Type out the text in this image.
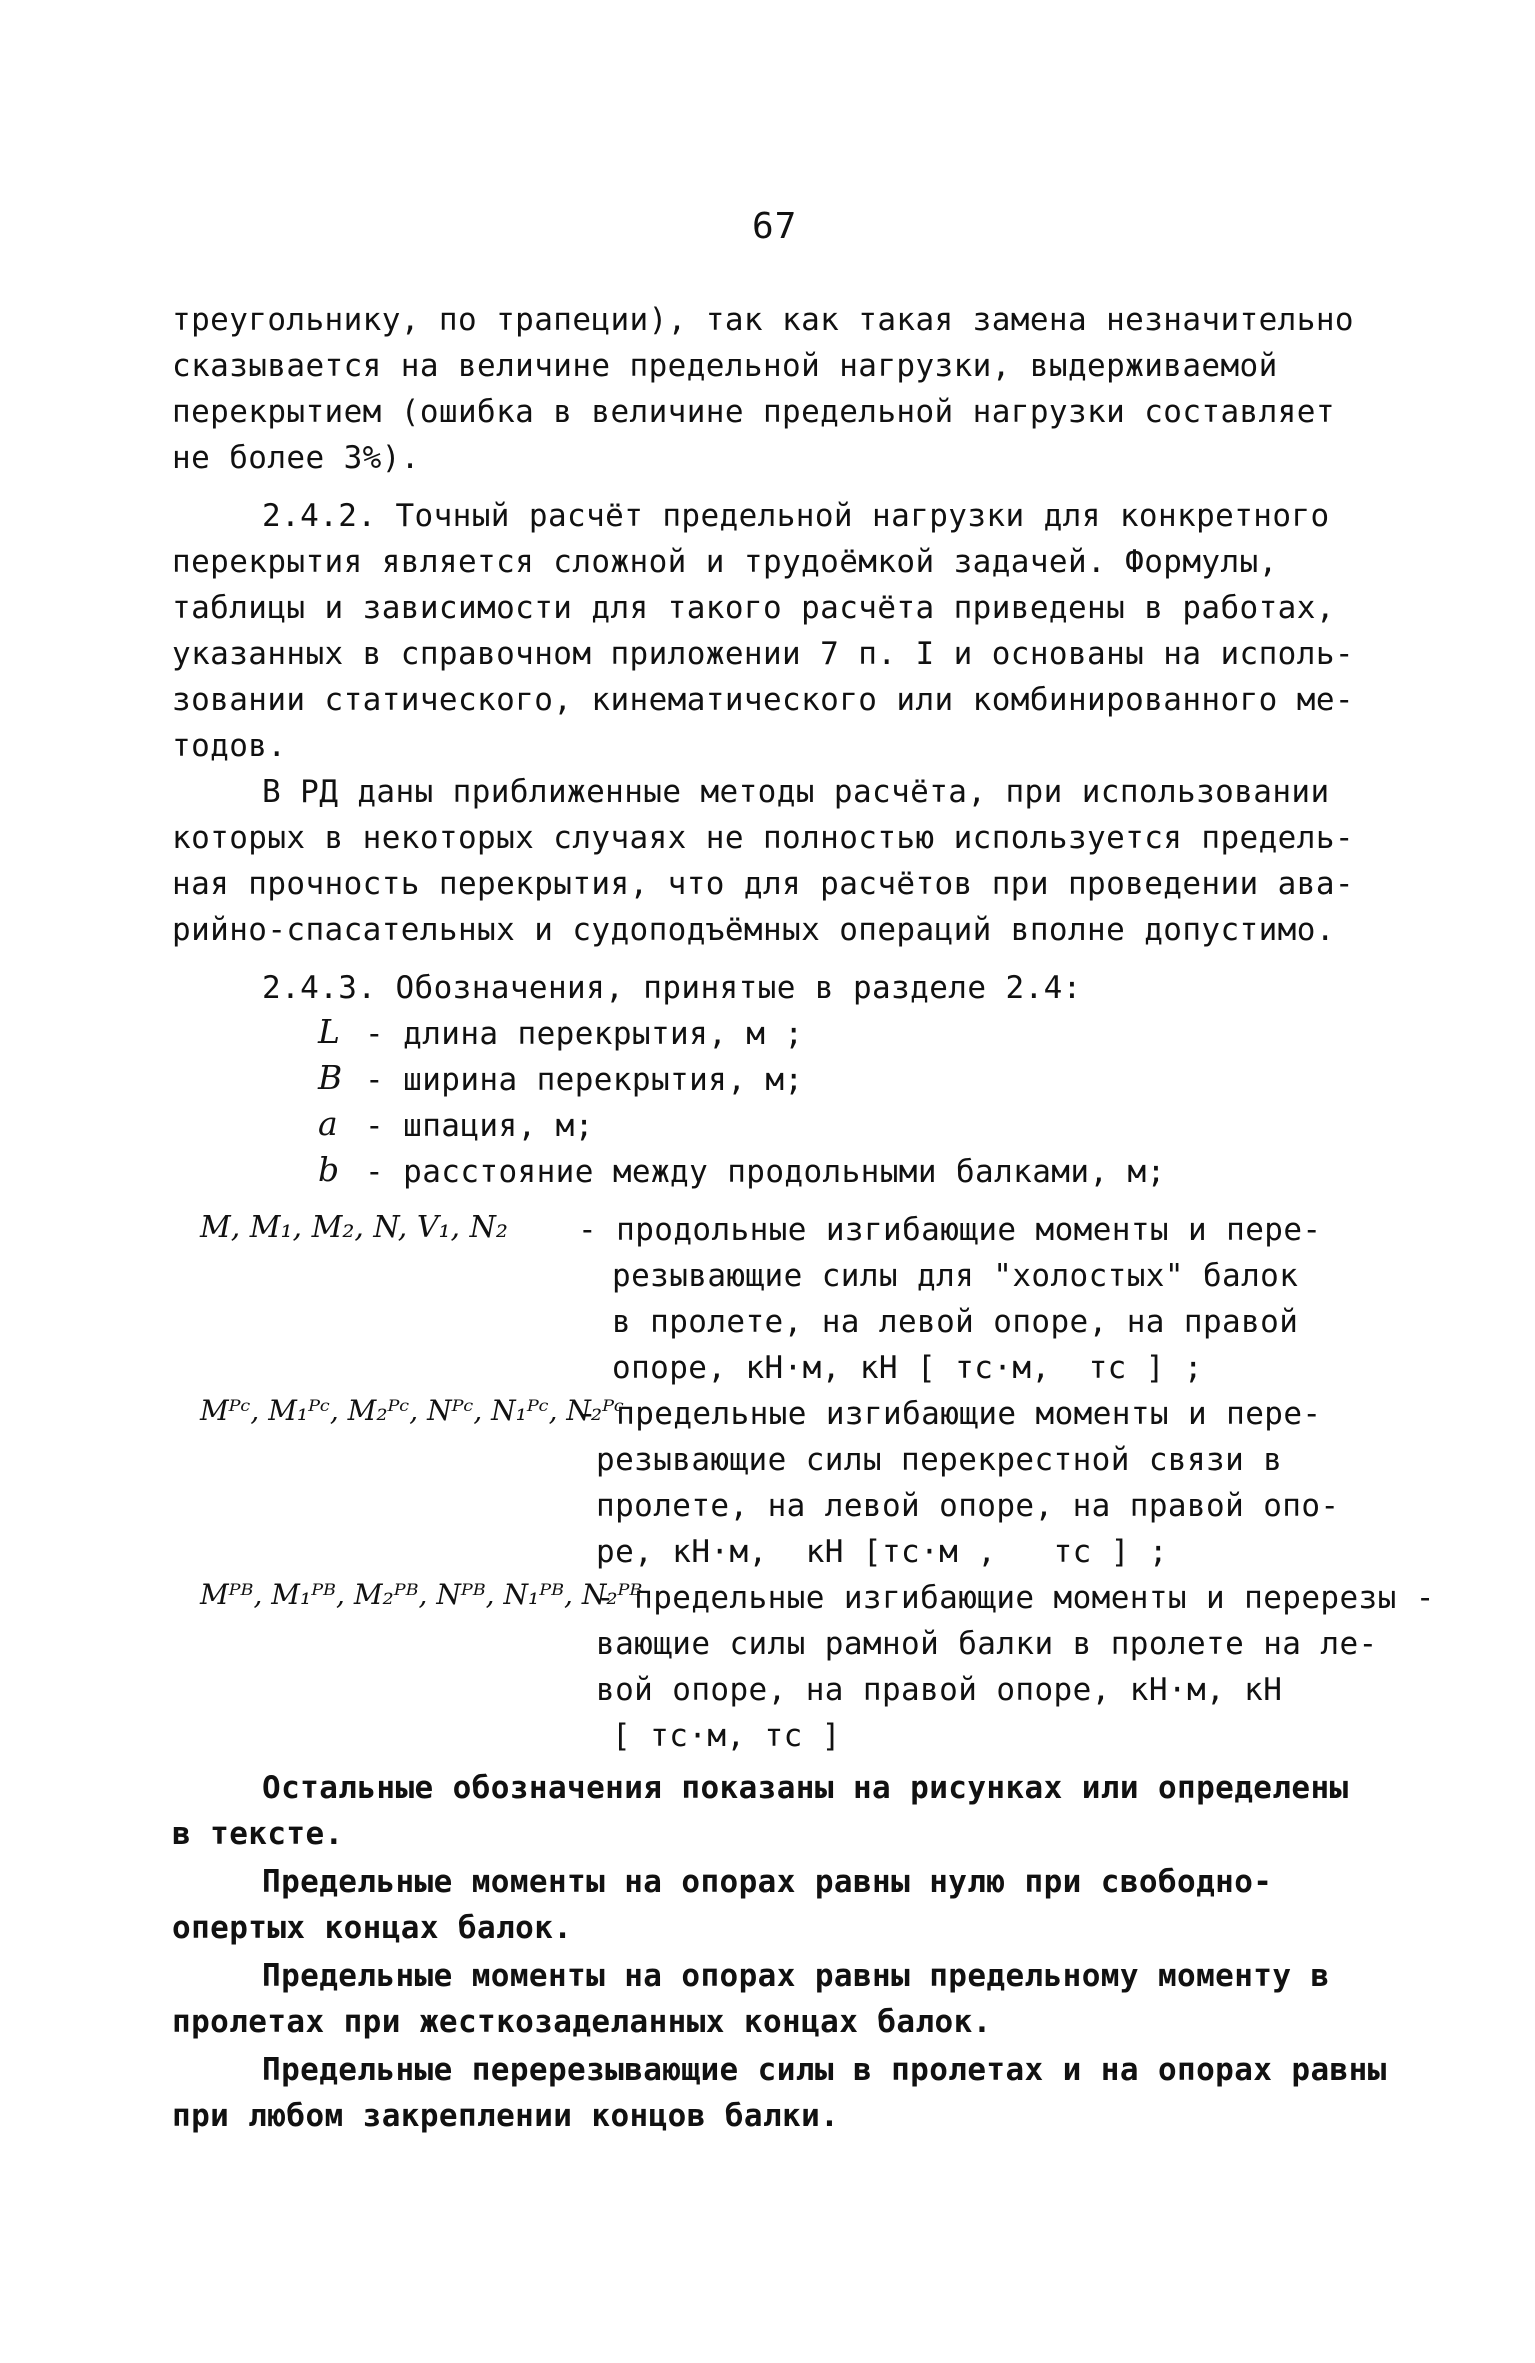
67
треугольнику, по трапеции), так как такая замена незначительно
сказывается на величине предельной нагрузки, выдерживаемой
перекрытием (ошибка в величине предельной нагрузки составляет
не более 3%).
2.4.2. Точный расчёт предельной нагрузки для конкретного
перекрытия является сложной и трудоёмкой задачей. Формулы,
таблицы и зависимости для такого расчёта приведены в работах,
указанных в справочном приложении 7 п. I и основаны на исполь-
зовании статического, кинематического или комбинированного ме-
тодов.
В РД даны приближенные методы расчёта, при использовании
которых в некоторых случаях не полностью используется предель-
ная прочность перекрытия, что для расчётов при проведении ава-
рийно-спасательных и судоподъёмных операций вполне допустимо.
2.4.3. Обозначения, принятые в разделе 2.4:
L - длина перекрытия, м ;
B - ширина перекрытия, м;
a - шпация, м;
b - расстояние между продольными балками, м;
M, M₁, M₂, N, V₁, N₂ - продольные изгибающие моменты и пере-
резывающие силы для "холостых" балок
в пролете, на левой опоре, на правой
опоре, кН·м, кН [ тс·м,  тс ] ;
Mᴾᶜ, M₁ᴾᶜ, M₂ᴾᶜ, Nᴾᶜ, N₁ᴾᶜ, N₂ᴾᶜ
- предельные изгибающие моменты и пере-
резывающие силы перекрестной связи в
пролете, на левой опоре, на правой опо-
ре, кН·м,  кН [тс·м ,   тс ] ;
Mᴾᴮ, M₁ᴾᴮ, M₂ᴾᴮ, Nᴾᴮ, N₁ᴾᴮ, N₂ᴾᴮ
- предельные изгибающие моменты и перерезы -
вающие силы рамной балки в пролете на ле-
вой опоре, на правой опоре, кН·м, кН
[ тс·м, тс ]
Остальные обозначения показаны на рисунках или определены
в тексте.
Предельные моменты на опорах равны нулю при свободно-
опертых концах балок.
Предельные моменты на опорах равны предельному моменту в
пролетах при жесткозаделанных концах балок.
Предельные перерезывающие силы в пролетах и на опорах равны
при любом закреплении концов балки.
